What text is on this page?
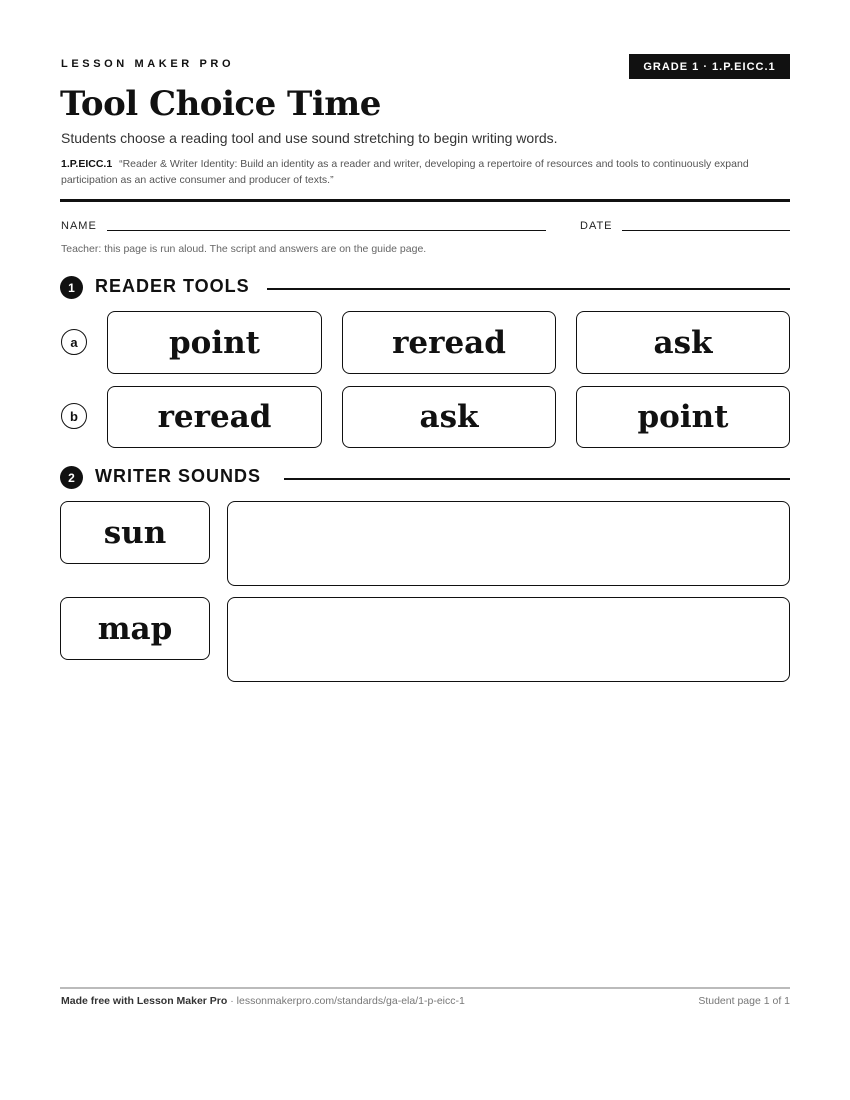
LESSON MAKER PRO	GRADE 1 · 1.P.EICC.1
Tool Choice Time
Students choose a reading tool and use sound stretching to begin writing words.
1.P.EICC.1 “Reader & Writer Identity: Build an identity as a reader and writer, developing a repertoire of resources and tools to continuously expand participation as an active consumer and producer of texts.”
NAME	DATE
Teacher: this page is run aloud. The script and answers are on the guide page.
1	READER TOOLS
a	point	reread	ask
b	reread	ask	point
2	WRITER SOUNDS
sun
map
Made free with Lesson Maker Pro · lessonmakerpro.com/standards/ga-ela/1-p-eicc-1	Student page 1 of 1
